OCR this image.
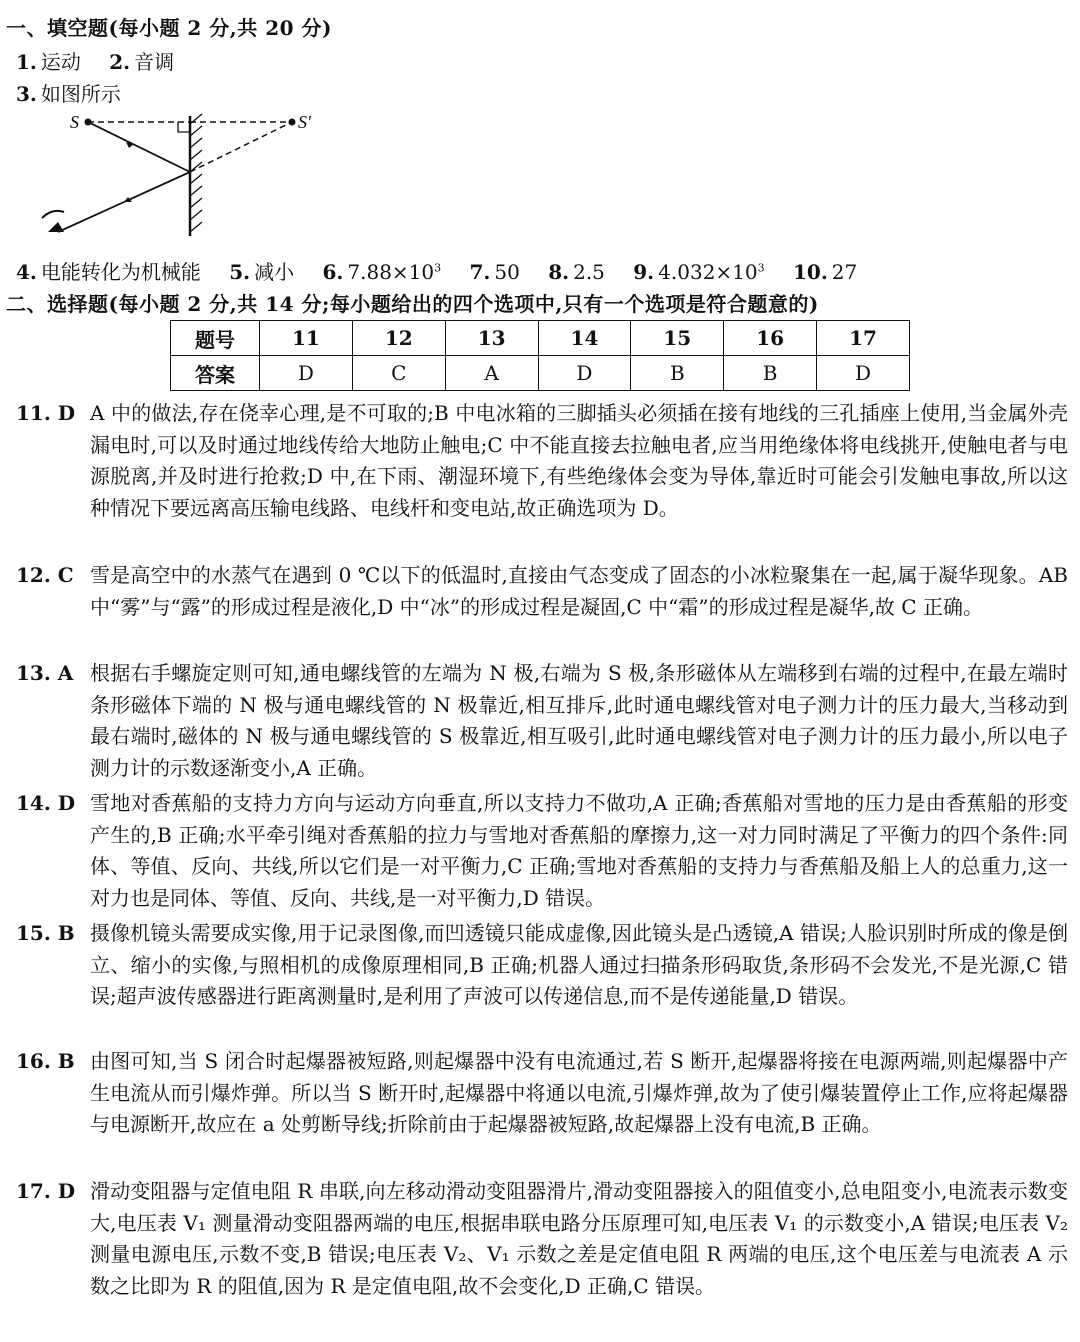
一、填空题(每小题 2 分,共 20 分)
1. 运动 2. 音调
3. 如图所示
S	S′
4. 电能转化为机械能 5. 减小 6. $7.88\times 10^3$ 7. 50 8. 2.5 9. $4.032\times 10^3$ 10. 27
二、选择题(每小题 2 分,共 14 分;每小题给出的四个选项中,只有一个选项是符合题意的)
题号	11	12	13	14	15	16	17
答案	D	C	A	D	B	B	D
11. D A 中的做法,存在侥幸心理,是不可取的;B 中电冰箱的三脚插头必须插在接有地线的三孔插座上使用,当金属外壳漏电时,可以及时通过地线传给大地防止触电;C 中不能直接去拉触电者,应当用绝缘体将电线挑开,使触电者与电源脱离,并及时进行抢救;D 中,在下雨、潮湿环境下,有些绝缘体会变为导体,靠近时可能会引发触电事故,所以这种情况下要远离高压输电线路、电线杆和变电站,故正确选项为 D。
12. C 雪是高空中的水蒸气在遇到 0 ℃以下的低温时,直接由气态变成了固态的小冰粒聚集在一起,属于凝华现象。AB 中“雾”与“露”的形成过程是液化,D 中“冰”的形成过程是凝固,C 中“霜”的形成过程是凝华,故 C 正确。
13. A 根据右手螺旋定则可知,通电螺线管的左端为 N 极,右端为 S 极,条形磁体从左端移到右端的过程中,在最左端时条形磁体下端的 N 极与通电螺线管的 N 极靠近,相互排斥,此时通电螺线管对电子测力计的压力最大,当移动到最右端时,磁体的 N 极与通电螺线管的 S 极靠近,相互吸引,此时通电螺线管对电子测力计的压力最小,所以电子测力计的示数逐渐变小,A 正确。
14. D 雪地对香蕉船的支持力方向与运动方向垂直,所以支持力不做功,A 正确;香蕉船对雪地的压力是由香蕉船的形变产生的,B 正确;水平牵引绳对香蕉船的拉力与雪地对香蕉船的摩擦力,这一对力同时满足了平衡力的四个条件:同体、等值、反向、共线,所以它们是一对平衡力,C 正确;雪地对香蕉船的支持力与香蕉船及船上人的总重力,这一对力也是同体、等值、反向、共线,是一对平衡力,D 错误。
15. B 摄像机镜头需要成实像,用于记录图像,而凹透镜只能成虚像,因此镜头是凸透镜,A 错误;人脸识别时所成的像是倒立、缩小的实像,与照相机的成像原理相同,B 正确;机器人通过扫描条形码取货,条形码不会发光,不是光源,C 错误;超声波传感器进行距离测量时,是利用了声波可以传递信息,而不是传递能量,D 错误。
16. B 由图可知,当 S 闭合时起爆器被短路,则起爆器中没有电流通过,若 S 断开,起爆器将接在电源两端,则起爆器中产生电流从而引爆炸弹。所以当 S 断开时,起爆器中将通以电流,引爆炸弹,故为了使引爆装置停止工作,应将起爆器与电源断开,故应在 a 处剪断导线;折除前由于起爆器被短路,故起爆器上没有电流,B 正确。
17. D 滑动变阻器与定值电阻 R 串联,向左移动滑动变阻器滑片,滑动变阻器接入的阻值变小,总电阻变小,电流表示数变大,电压表 V₁ 测量滑动变阻器两端的电压,根据串联电路分压原理可知,电压表 V₁ 的示数变小,A 错误;电压表 V₂ 测量电源电压,示数不变,B 错误;电压表 V₂、V₁ 示数之差是定值电阻 R 两端的电压,这个电压差与电流表 A 示数之比即为 R 的阻值,因为 R 是定值电阻,故不会变化,D 正确,C 错误。
